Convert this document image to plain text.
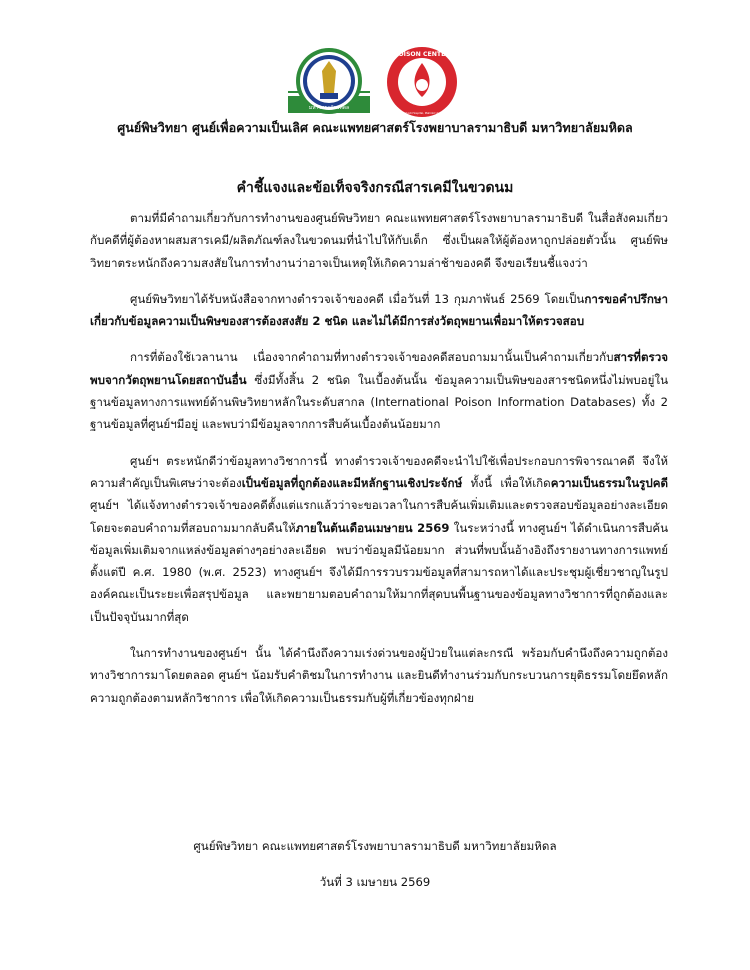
•••••
มหาวิทยาลัยมหิดล
POISON CENTER
Ramathibodi Hospital, Mahidol University
ศูนย์พิษวิทยา ศูนย์เพื่อความเป็นเลิศ คณะแพทยศาสตร์โรงพยาบาลรามาธิบดี มหาวิทยาลัยมหิดล
คำชี้แจงและข้อเท็จจริงกรณีสารเคมีในขวดนม

ตามที่มีคำถามเกี่ยวกับการทำงานของศูนย์พิษวิทยา คณะแพทยศาสตร์โรงพยาบาลรามาธิบดี ในสื่อสังคมเกี่ยวกับคดีที่ผู้ต้องหาผสมสารเคมี/ผลิตภัณฑ์ลงในขวดนมที่นำไปให้กับเด็ก ซึ่งเป็นผลให้ผู้ต้องหาถูกปล่อยตัวนั้น ศูนย์พิษวิทยาตระหนักถึงความสงสัยในการทำงานว่าอาจเป็นเหตุให้เกิดความล่าช้าของคดี จึงขอเรียนชี้แจงว่า

ศูนย์พิษวิทยาได้รับหนังสือจากทางตำรวจเจ้าของคดี เมื่อวันที่ 13 กุมภาพันธ์ 2569 โดยเป็นการขอคำปรึกษาเกี่ยวกับข้อมูลความเป็นพิษของสารต้องสงสัย 2 ชนิด และไม่ได้มีการส่งวัตถุพยานเพื่อมาให้ตรวจสอบ

การที่ต้องใช้เวลานาน เนื่องจากคำถามที่ทางตำรวจเจ้าของคดีสอบถามมานั้นเป็นคำถามเกี่ยวกับสารที่ตรวจพบจากวัตถุพยานโดยสถาบันอื่น ซึ่งมีทั้งสิ้น 2 ชนิด ในเบื้องต้นนั้น ข้อมูลความเป็นพิษของสารชนิดหนึ่งไม่พบอยู่ในฐานข้อมูลทางการแพทย์ด้านพิษวิทยาหลักในระดับสากล (International Poison Information Databases) ทั้ง 2 ฐานข้อมูลที่ศูนย์ฯมีอยู่ และพบว่ามีข้อมูลจากการสืบค้นเบื้องต้นน้อยมาก

ศูนย์ฯ ตระหนักดีว่าข้อมูลทางวิชาการนี้ ทางตำรวจเจ้าของคดีจะนำไปใช้เพื่อประกอบการพิจารณาคดี จึงให้ความสำคัญเป็นพิเศษว่าจะต้องเป็นข้อมูลที่ถูกต้องและมีหลักฐานเชิงประจักษ์ ทั้งนี้ เพื่อให้เกิดความเป็นธรรมในรูปคดี ศูนย์ฯ ได้แจ้งทางตำรวจเจ้าของคดีตั้งแต่แรกแล้วว่าจะขอเวลาในการสืบค้นเพิ่มเติมและตรวจสอบข้อมูลอย่างละเอียด โดยจะตอบคำถามที่สอบถามมากลับคืนให้ภายในต้นเดือนเมษายน 2569 ในระหว่างนี้ ทางศูนย์ฯ ได้ดำเนินการสืบค้นข้อมูลเพิ่มเติมจากแหล่งข้อมูลต่างๆอย่างละเอียด พบว่าข้อมูลมีน้อยมาก ส่วนที่พบนั้นอ้างอิงถึงรายงานทางการแพทย์ตั้งแต่ปี ค.ศ. 1980 (พ.ศ. 2523) ทางศูนย์ฯ จึงได้มีการรวบรวมข้อมูลที่สามารถหาได้และประชุมผู้เชี่ยวชาญในรูปองค์คณะเป็นระยะเพื่อสรุปข้อมูล และพยายามตอบคำถามให้มากที่สุดบนพื้นฐานของข้อมูลทางวิชาการที่ถูกต้องและเป็นปัจจุบันมากที่สุด

ในการทำงานของศูนย์ฯ นั้น ได้คำนึงถึงความเร่งด่วนของผู้ป่วยในแต่ละกรณี พร้อมกับคำนึงถึงความถูกต้องทางวิชาการมาโดยตลอด ศูนย์ฯ น้อมรับคำติชมในการทำงาน และยินดีทำงานร่วมกับกระบวนการยุติธรรมโดยยึดหลักความถูกต้องตามหลักวิชาการ เพื่อให้เกิดความเป็นธรรมกับผู้ที่เกี่ยวข้องทุกฝ่าย

ศูนย์พิษวิทยา คณะแพทยศาสตร์โรงพยาบาลรามาธิบดี มหาวิทยาลัยมหิดล
วันที่ 3 เมษายน 2569
